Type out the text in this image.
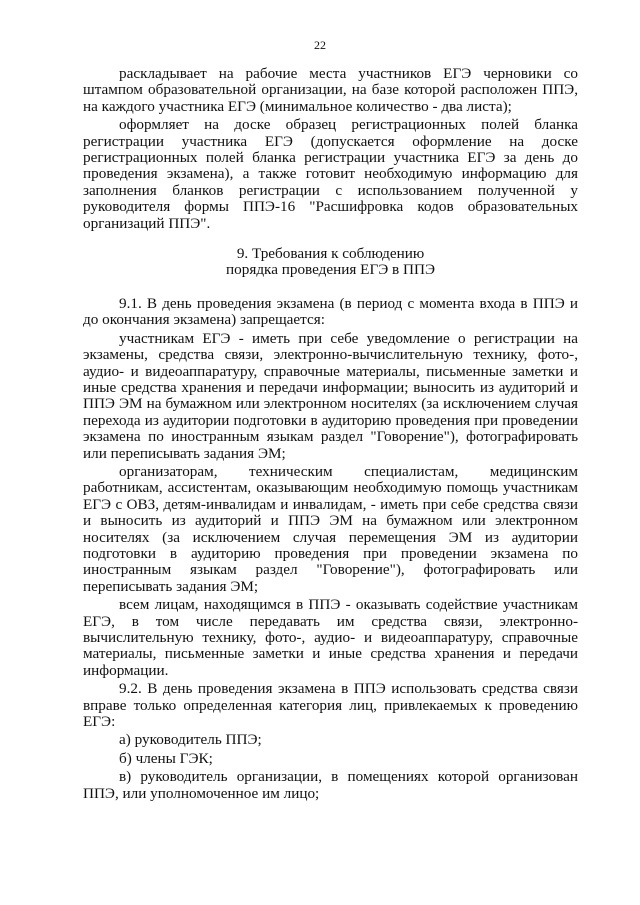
22

раскладывает на рабочие места участников ЕГЭ черновики со штампом образовательной организации, на базе которой расположен ППЭ, на каждого участника ЕГЭ (минимальное количество - два листа);

оформляет на доске образец регистрационных полей бланка регистрации участника ЕГЭ (допускается оформление на доске регистрационных полей бланка регистрации участника ЕГЭ за день до проведения экзамена), а также готовит необходимую информацию для заполнения бланков регистрации с использованием полученной у руководителя формы ППЭ-16 "Расшифровка кодов образовательных организаций ППЭ".

9. Требования к соблюдению
порядка проведения ЕГЭ в ППЭ

9.1. В день проведения экзамена (в период с момента входа в ППЭ и до окончания экзамена) запрещается:

участникам ЕГЭ - иметь при себе уведомление о регистрации на экзамены, средства связи, электронно-вычислительную технику, фото-, аудио- и видеоаппаратуру, справочные материалы, письменные заметки и иные средства хранения и передачи информации; выносить из аудиторий и ППЭ ЭМ на бумажном или электронном носителях (за исключением случая перехода из аудитории подготовки в аудиторию проведения при проведении экзамена по иностранным языкам раздел "Говорение"), фотографировать или переписывать задания ЭМ;

организаторам, техническим специалистам, медицинским работникам, ассистентам, оказывающим необходимую помощь участникам ЕГЭ с ОВЗ, детям-инвалидам и инвалидам, - иметь при себе средства связи и выносить из аудиторий и ППЭ ЭМ на бумажном или электронном носителях (за исключением случая перемещения ЭМ из аудитории подготовки в аудиторию проведения при проведении экзамена по иностранным языкам раздел "Говорение"), фотографировать или переписывать задания ЭМ;

всем лицам, находящимся в ППЭ - оказывать содействие участникам ЕГЭ, в том числе передавать им средства связи, электронно-вычислительную технику, фото-, аудио- и видеоаппаратуру, справочные материалы, письменные заметки и иные средства хранения и передачи информации.

9.2. В день проведения экзамена в ППЭ использовать средства связи вправе только определенная категория лиц, привлекаемых к проведению ЕГЭ:

а) руководитель ППЭ;

б) члены ГЭК;

в) руководитель организации, в помещениях которой организован ППЭ, или уполномоченное им лицо;
